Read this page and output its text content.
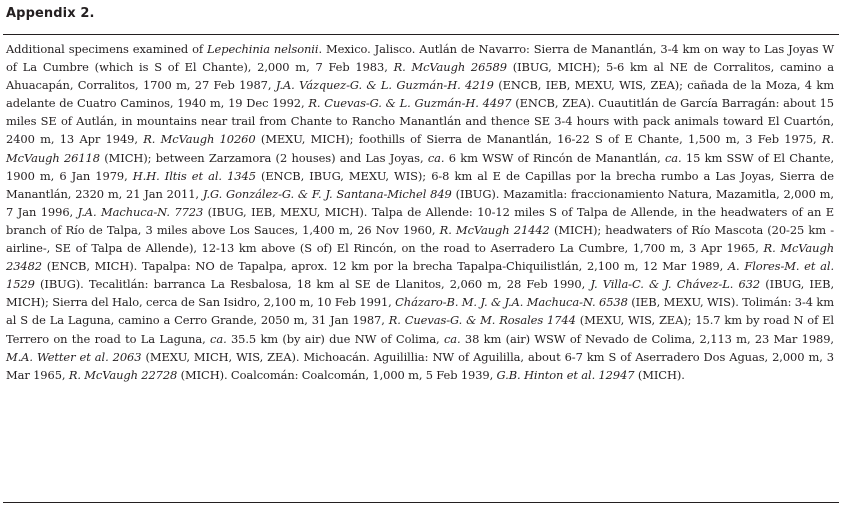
Appendix 2.

Additional specimens examined of Lepechinia nelsonii. Mexico. Jalisco. Autlán de Navarro: Sierra de Manantlán, 3-4 km on way to Las Joyas W of La Cumbre (which is S of El Chante), 2,000 m, 7 Feb 1983, R. McVaugh 26589 (IBUG, MICH); 5-6 km al NE de Corralitos, camino a Ahuacapán, Corralitos, 1700 m, 27 Feb 1987, J.A. Vázquez-G. & L. Guzmán-H. 4219 (ENCB, IEB, MEXU, WIS, ZEA); cañada de la Moza, 4 km adelante de Cuatro Caminos, 1940 m, 19 Dec 1992, R. Cuevas-G. & L. Guzmán-H. 4497 (ENCB, ZEA). Cuautitlán de García Barragán: about 15 miles SE of Autlán, in mountains near trail from Chante to Rancho Manantlán and thence SE 3-4 hours with pack animals toward El Cuartón, 2400 m, 13 Apr 1949, R. McVaugh 10260 (MEXU, MICH); foothills of Sierra de Manantlán, 16-22 S of E Chante, 1,500 m, 3 Feb 1975, R. McVaugh 26118 (MICH); between Zarzamora (2 houses) and Las Joyas, ca. 6 km WSW of Rincón de Manantlán, ca. 15 km SSW of El Chante, 1900 m, 6 Jan 1979, H.H. Iltis et al. 1345 (ENCB, IBUG, MEXU, WIS); 6-8 km al E de Capillas por la brecha rumbo a Las Joyas, Sierra de Manantlán, 2320 m, 21 Jan 2011, J.G. González-G. & F. J. Santana-Michel 849 (IBUG). Mazamitla: fraccionamiento Natura, Mazamitla, 2,000 m, 7 Jan 1996, J.A. Machuca-N. 7723 (IBUG, IEB, MEXU, MICH). Talpa de Allende: 10-12 miles S of Talpa de Allende, in the headwaters of an E branch of Río de Talpa, 3 miles above Los Sauces, 1,400 m, 26 Nov 1960, R. McVaugh 21442 (MICH); headwaters of Río Mascota (20-25 km -airline-, SE of Talpa de Allende), 12-13 km above (S of) El Rincón, on the road to Aserradero La Cumbre, 1,700 m, 3 Apr 1965, R. McVaugh 23482 (ENCB, MICH). Tapalpa: NO de Tapalpa, aprox. 12 km por la brecha Tapalpa-Chiquilistlán, 2,100 m, 12 Mar 1989, A. Flores-M. et al. 1529 (IBUG). Tecalitlán: barranca La Resbalosa, 18 km al SE de Llanitos, 2,060 m, 28 Feb 1990, J. Villa-C. & J. Chávez-L. 632 (IBUG, IEB, MICH); Sierra del Halo, cerca de San Isidro, 2,100 m, 10 Feb 1991, Cházaro-B. M. J. & J.A. Machuca-N. 6538 (IEB, MEXU, WIS). Tolimán: 3-4 km al S de La Laguna, camino a Cerro Grande, 2050 m, 31 Jan 1987, R. Cuevas-G. & M. Rosales 1744 (MEXU, WIS, ZEA); 15.7 km by road N of El Terrero on the road to La Laguna, ca. 35.5 km (by air) due NW of Colima, ca. 38 km (air) WSW of Nevado de Colima, 2,113 m, 23 Mar 1989, M.A. Wetter et al. 2063 (MEXU, MICH, WIS, ZEA). Michoacán. Aguilillia: NW of Aguililla, about 6-7 km S of Aserradero Dos Aguas, 2,000 m, 3 Mar 1965, R. McVaugh 22728 (MICH). Coalcomán: Coalcomán, 1,000 m, 5 Feb 1939, G.B. Hinton et al. 12947 (MICH).
